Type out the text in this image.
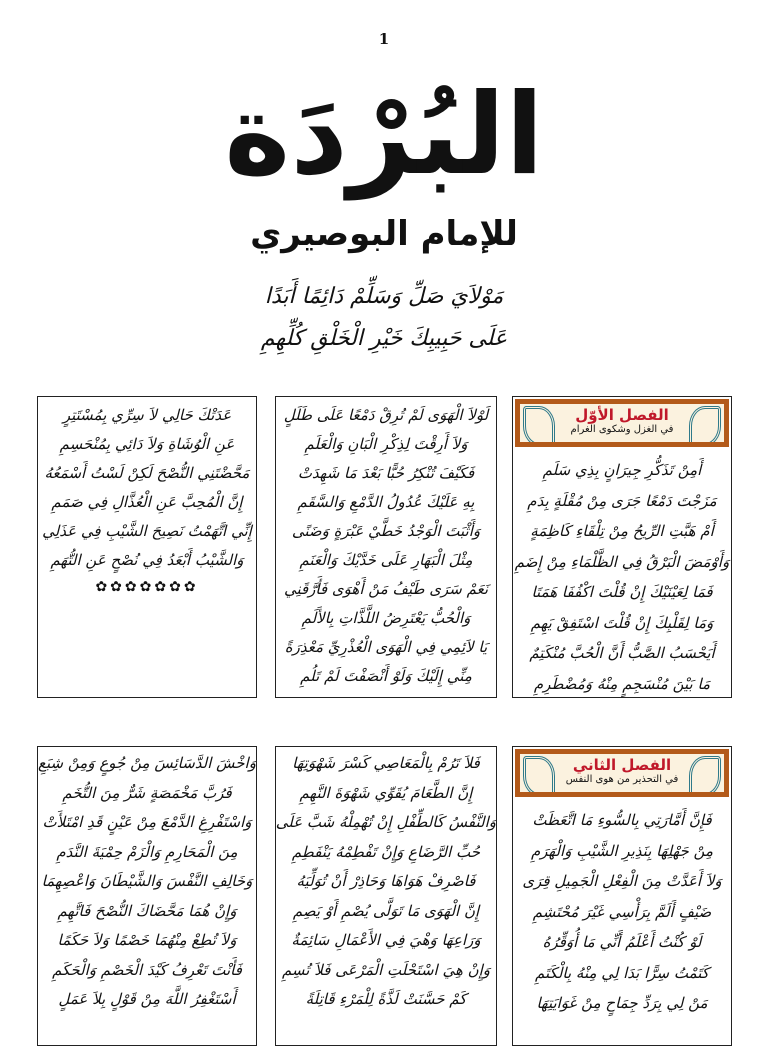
1
البُرْدَة
للإمام البوصيري
مَوْلاَيَ صَلِّ وَسَلِّمْ دَائِمًا أَبَدًا
عَلَى حَبِيبِكَ خَيْرِ الْخَلْقِ كُلِّهِمِ
الفصل الأوّل
في الغزل وشكوى الغرام
أَمِنْ تَذَكُّرِ جِيرَانٍ بِذِي سَلَمِ
مَزَجْتَ دَمْعًا جَرَى مِنْ مُقْلَةٍ بِدَمِ
أَمْ هَبَّتِ الرِّيحُ مِنْ تِلْقَاءِ كَاظِمَةٍ
وَأَوْمَضَ الْبَرْقُ فِي الظَّلْمَاءِ مِنْ إِضَمِ
فَمَا لِعَيْنَيْكَ إِنْ قُلْتَ اكْفُفَا هَمَتَا
وَمَا لِقَلْبِكَ إِنْ قُلْتَ اسْتَفِقْ يَهِمِ
أَيَحْسَبُ الصَّبُّ أَنَّ الْحُبَّ مُنْكَتِمٌ
مَا بَيْنَ مُنْسَجِمٍ مِنْهُ وَمُضْطَرِمِ
لَوْلاَ الْهَوَى لَمْ تُرِقْ دَمْعًا عَلَى طَلَلٍ
وَلاَ أَرِقْتَ لِذِكْرِ الْبَانِ وَالْعَلَمِ
فَكَيْفَ تُنْكِرُ حُبًّا بَعْدَ مَا شَهِدَتْ
بِهِ عَلَيْكَ عُدُولُ الدَّمْعِ وَالسَّقَمِ
وَأَثْبَتَ الْوَجْدُ خَطَّيْ عَبْرَةٍ وَضَنًى
مِثْلَ الْبَهَارِ عَلَى خَدَّيْكَ وَالْعَنَمِ
نَعَمْ سَرَى طَيْفُ مَنْ أَهْوَى فَأَرَّقَنِي
وَالْحُبُّ يَعْتَرِضُ اللَّذَّاتِ بِالأَلَمِ
يَا لاَئِمِي فِي الْهَوَى الْعُذْرِيِّ مَعْذِرَةً
مِنِّي إِلَيْكَ وَلَوْ أَنْصَفْتَ لَمْ تَلُمِ
عَدَتْكَ حَالِي لاَ سِرِّي بِمُسْتَتِرٍ
عَنِ الْوُشَاةِ وَلاَ دَائِي بِمُنْحَسِمِ
مَحَّضْتَنِي النُّصْحَ لَكِنْ لَسْتُ أَسْمَعُهُ
إِنَّ الْمُحِبَّ عَنِ الْعُذَّالِ فِي صَمَمِ
إِنِّي اتَّهَمْتُ نَصِيحَ الشَّيْبِ فِي عَذَلِي
وَالشَّيْبُ أَبْعَدُ فِي نُصْحٍ عَنِ التُّهَمِ
✿✿✿✿✿✿✿
الفصل الثاني
في التحذير من هوى النفس
فَإِنَّ أَمَّارَتِي بِالسُّوءِ مَا اتَّعَظَتْ
مِنْ جَهْلِهَا بِنَذِيرِ الشَّيْبِ وَالْهَرَمِ
وَلاَ أَعَدَّتْ مِنَ الْفِعْلِ الْجَمِيلِ قِرَى
ضَيْفٍ أَلَمَّ بِرَأْسِي غَيْرَ مُحْتَشِمِ
لَوْ كُنْتُ أَعْلَمُ أَنِّي مَا أُوَقِّرُهُ
كَتَمْتُ سِرًّا بَدَا لِي مِنْهُ بِالْكَتَمِ
مَنْ لِي بِرَدِّ جِمَاحٍ مِنْ غَوَايَتِهَا
فَلاَ تَرُمْ بِالْمَعَاصِي كَسْرَ شَهْوَتِهَا
إِنَّ الطَّعَامَ يُقَوِّي شَهْوَةَ النَّهِمِ
وَالنَّفْسُ كَالطِّفْلِ إِنْ تُهْمِلْهُ شَبَّ عَلَى
حُبِّ الرَّضَاعِ وَإِنْ تَفْطِمْهُ يَنْفَطِمِ
فَاصْرِفْ هَوَاهَا وَحَاذِرْ أَنْ تُوَلِّيَهُ
إِنَّ الْهَوَى مَا تَوَلَّى يُصْمِ أَوْ يَصِمِ
وَرَاعِهَا وَهْيَ فِي الأَعْمَالِ سَائِمَةٌ
وَإِنْ هِيَ اسْتَحْلَتِ الْمَرْعَى فَلاَ تُسِمِ
كَمْ حَسَّنَتْ لَذَّةً لِلْمَرْءِ قَاتِلَةً
وَاخْشَ الدَّسَائِسَ مِنْ جُوعٍ وَمِنْ شِبَعِ
فَرُبَّ مَخْمَصَةٍ شَرٌّ مِنَ التُّخَمِ
وَاسْتَفْرِغِ الدَّمْعَ مِنْ عَيْنٍ قَدِ امْتَلأَتْ
مِنَ الْمَحَارِمِ وَالْزَمْ حِمْيَةَ النَّدَمِ
وَخَالِفِ النَّفْسَ وَالشَّيْطَانَ وَاعْصِهِمَا
وَإِنْ هُمَا مَحَّضَاكَ النُّصْحَ فَاتَّهِمِ
وَلاَ تُطِعْ مِنْهُمَا خَصْمًا وَلاَ حَكَمًا
فَأَنْتَ تَعْرِفُ كَيْدَ الْخَصْمِ وَالْحَكَمِ
أَسْتَغْفِرُ اللَّهَ مِنْ قَوْلٍ بِلاَ عَمَلٍ
